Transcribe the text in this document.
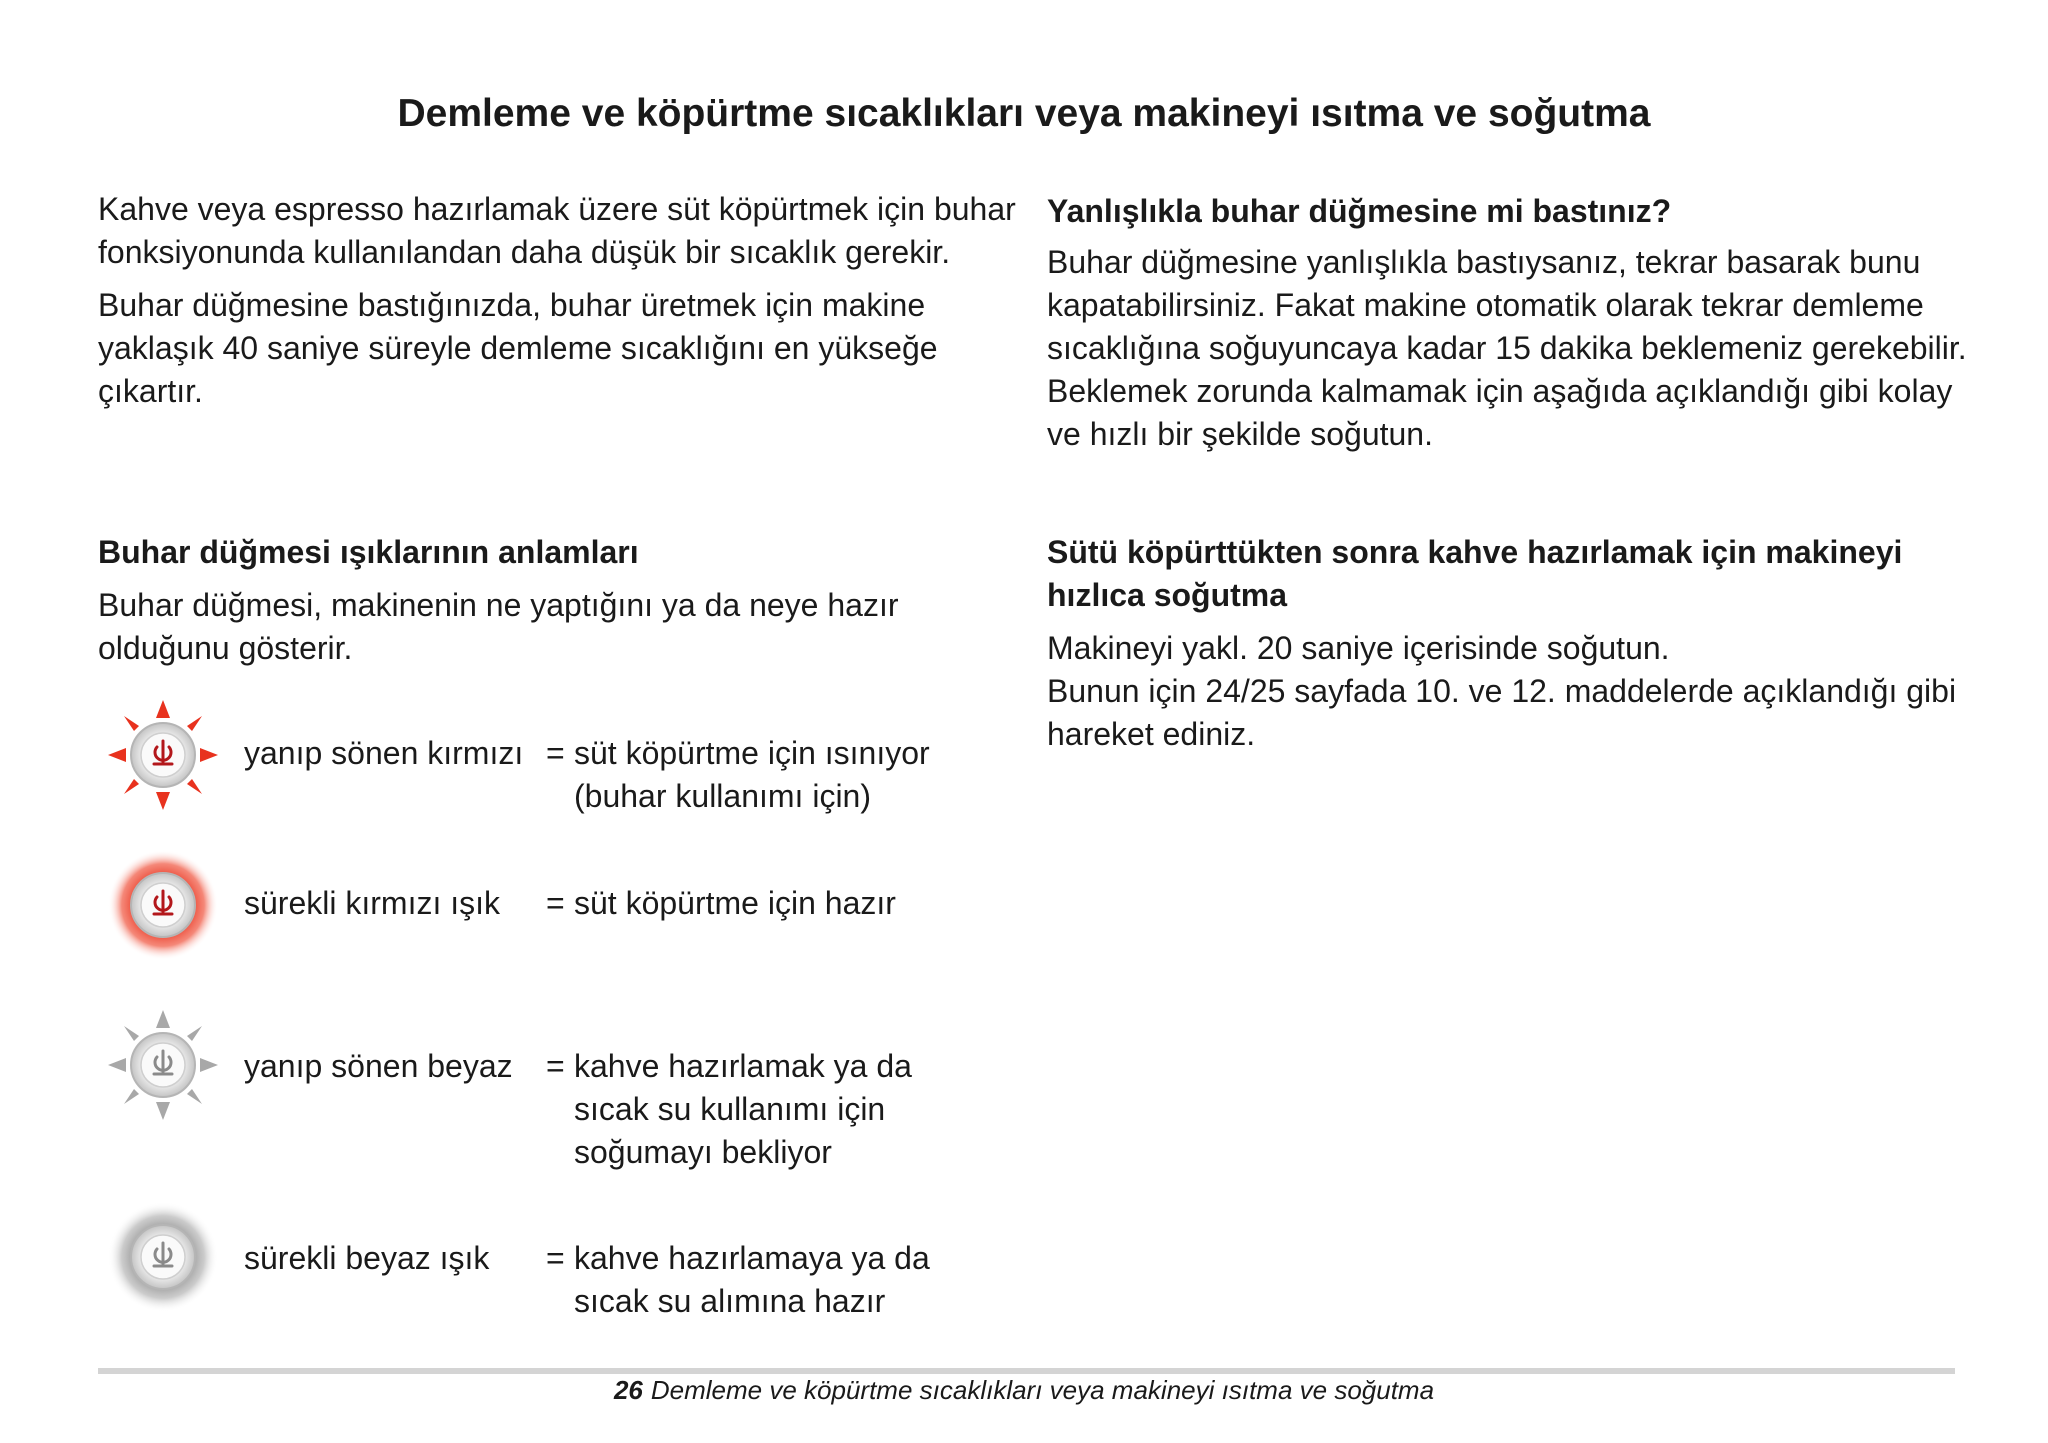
Demleme ve köpürtme sıcaklıkları veya makineyi ısıtma ve soğutma

Kahve veya espresso hazırlamak üzere süt köpürtmek için buhar fonksiyonunda kullanılandan daha düşük bir sıcaklık gerekir.

Buhar düğmesine bastığınızda, buhar üretmek için makine yaklaşık 40 saniye süreyle demleme sıcaklığını en yükseğe çıkartır.

Buhar düğmesi ışıklarının anlamları

Buhar düğmesi, makinenin ne yaptığını ya da neye hazır olduğunu gösterir.

yanıp sönen kırmızı = süt köpürtme için ısınıyor
(buhar kullanımı için)
sürekli kırmızı ışık = süt köpürtme için hazır
yanıp sönen beyaz = kahve hazırlamak ya da
sıcak su kullanımı için
soğumayı bekliyor
sürekli beyaz ışık = kahve hazırlamaya ya da
sıcak su alımına hazır
Yanlışlıkla buhar düğmesine mi bastınız?

Buhar düğmesine yanlışlıkla bastıysanız, tekrar basarak bunu kapatabilirsiniz. Fakat makine otomatik olarak tekrar demleme sıcaklığına soğuyuncaya kadar 15 dakika beklemeniz gerekebilir. Beklemek zorunda kalmamak için aşağıda açıklandığı gibi kolay ve hızlı bir şekilde soğutun.

Sütü köpürttükten sonra kahve hazırlamak için makineyi hızlıca soğutma

Makineyi yakl. 20 saniye içerisinde soğutun.

Bunun için 24/25 sayfada 10. ve 12. maddelerde açıklandığı gibi hareket ediniz.

26 Demleme ve köpürtme sıcaklıkları veya makineyi ısıtma ve soğutma
